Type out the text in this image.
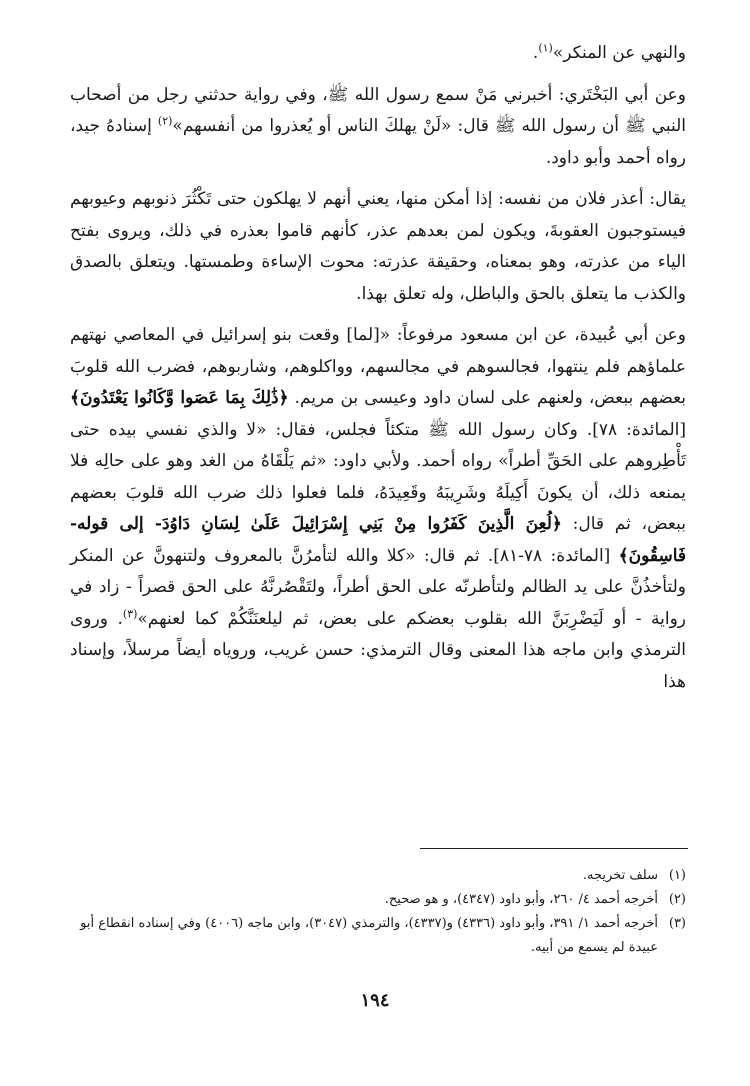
والنهي عن المنكر»$^{(١)}$.

وعن أبي البَخْتَري: أخبرني مَنْ سمع رسول الله ﷺ، وفي رواية حدثني رجل من أصحاب النبي ﷺ أن رسول الله ﷺ قال: «لَنْ يهلكَ الناس أو يُعذروا من أنفسهم»$^{(٢)}$ إسنادهُ جيد، رواه أحمد وأبو داود.

يقال: أعذر فلان من نفسه: إذا أمكن منها، يعني أنهم لا يهلكون حتى تَكْثُرَ ذنوبهم وعيوبهم فيستوجبون العقوبةَ، ويكون لمن بعدهم عذر، كأنهم قاموا بعذره في ذلك، ويروى بفتح الياء من عذرته، وهو بمعناه، وحقيقة عذرته: محوت الإساءة وطمستها. ويتعلق بالصدق والكذب ما يتعلق بالحق والباطل، وله تعلق بهذا.

وعن أبي عُبيدة، عن ابن مسعود مرفوعاً: «[لما] وقعت بنو إسرائيل في المعاصي نهتهم علماؤهم فلم ينتهوا، فجالسوهم في مجالسهم، وواكلوهم، وشاربوهم، فضرب الله قلوبَ بعضهم ببعض، ولعنهم على لسان داود وعيسى بن مريم. ﴿ذَٰلِكَ بِمَا عَصَوا وَّكَانُوا يَعْتَدُونَ﴾ [المائدة: ٧٨]. وكان رسول الله ﷺ متكئاً فجلس، فقال: «لا والذي نفسي بيده حتى تَأْطِروهم على الحَقِّ أطراً» رواه أحمد. ولأبي داود: «ثم يَلْقَاهُ من الغد وهو على حالِه فلا يمنعه ذلك، أن يكونَ أَكِيلَهُ وشَرِيبَهُ وقَعِيدَهُ، فلما فعلوا ذلك ضرب الله قلوبَ بعضهم ببعض، ثم قال: ﴿لُعِنَ الَّذِينَ كَفَرُوا مِنْ بَنِي إِسْرَائِيلَ عَلَىٰ لِسَانِ دَاوُدَ- إلى قوله- فَاسِقُونَ﴾ [المائدة: ٧٨-٨١]. ثم قال: «كلا والله لتأمرُنَّ بالمعروف ولتنهونَّ عن المنكر ولتأخذُنَّ على يد الظالم ولتأطرنّه على الحق أطراً، ولتَقْصُرنَّهُ على الحق قصراً - زاد في رواية - أو لَيَضْرِبَنَّ الله بقلوب بعضكم على بعض، ثم ليلعنَنَّكُمْ كما لعنهم»$^{(٣)}$. وروى الترمذي وابن ماجه هذا المعنى وقال الترمذي: حسن غريب، وروياه أيضاً مرسلاً، وإسناد هذا

(١)
سلف تخريجه.
(٢)
أخرجه أحمد ٤/ ٢٦٠، وأبو داود (٤٣٤٧)، و هو صحيح.
(٣)
أخرجه أحمد ١/ ٣٩١، وأبو داود (٤٣٣٦) و(٤٣٣٧)، والترمذي (٣٠٤٧)، وابن ماجه (٤٠٠٦) وفي إسناده انقطاع أبو عبيدة لم يسمع من أبيه.
١٩٤
